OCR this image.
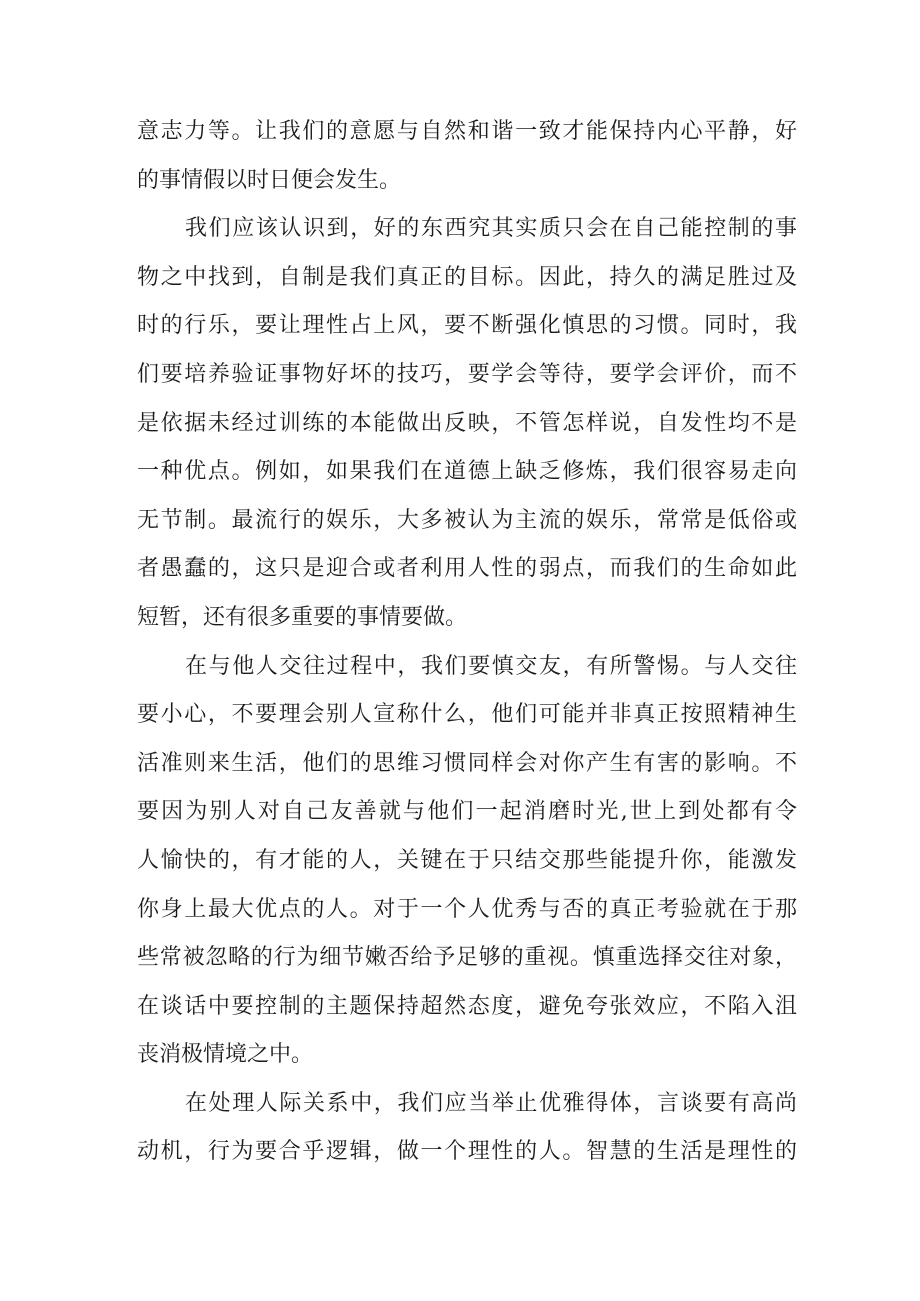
意志力等。让我们的意愿与自然和谐一致才能保持内心平静，好
的事情假以时日便会发生。
我们应该认识到，好的东西究其实质只会在自己能控制的事
物之中找到，自制是我们真正的目标。因此，持久的满足胜过及
时的行乐，要让理性占上风，要不断强化慎思的习惯。同时，我
们要培养验证事物好坏的技巧，要学会等待，要学会评价，而不
是依据未经过训练的本能做出反映，不管怎样说，自发性均不是
一种优点。例如，如果我们在道德上缺乏修炼，我们很容易走向
无节制。最流行的娱乐，大多被认为主流的娱乐，常常是低俗或
者愚蠢的，这只是迎合或者利用人性的弱点，而我们的生命如此
短暂，还有很多重要的事情要做。
在与他人交往过程中，我们要慎交友，有所警惕。与人交往
要小心，不要理会别人宣称什么，他们可能并非真正按照精神生
活准则来生活，他们的思维习惯同样会对你产生有害的影响。不
要因为别人对自己友善就与他们一起消磨时光,世上到处都有令
人愉快的，有才能的人，关键在于只结交那些能提升你，能激发
你身上最大优点的人。对于一个人优秀与否的真正考验就在于那
些常被忽略的行为细节嫩否给予足够的重视。慎重选择交往对象，
在谈话中要控制的主题保持超然态度，避免夸张效应，不陷入沮
丧消极情境之中。
在处理人际关系中，我们应当举止优雅得体，言谈要有高尚
动机，行为要合乎逻辑，做一个理性的人。智慧的生活是理性的
